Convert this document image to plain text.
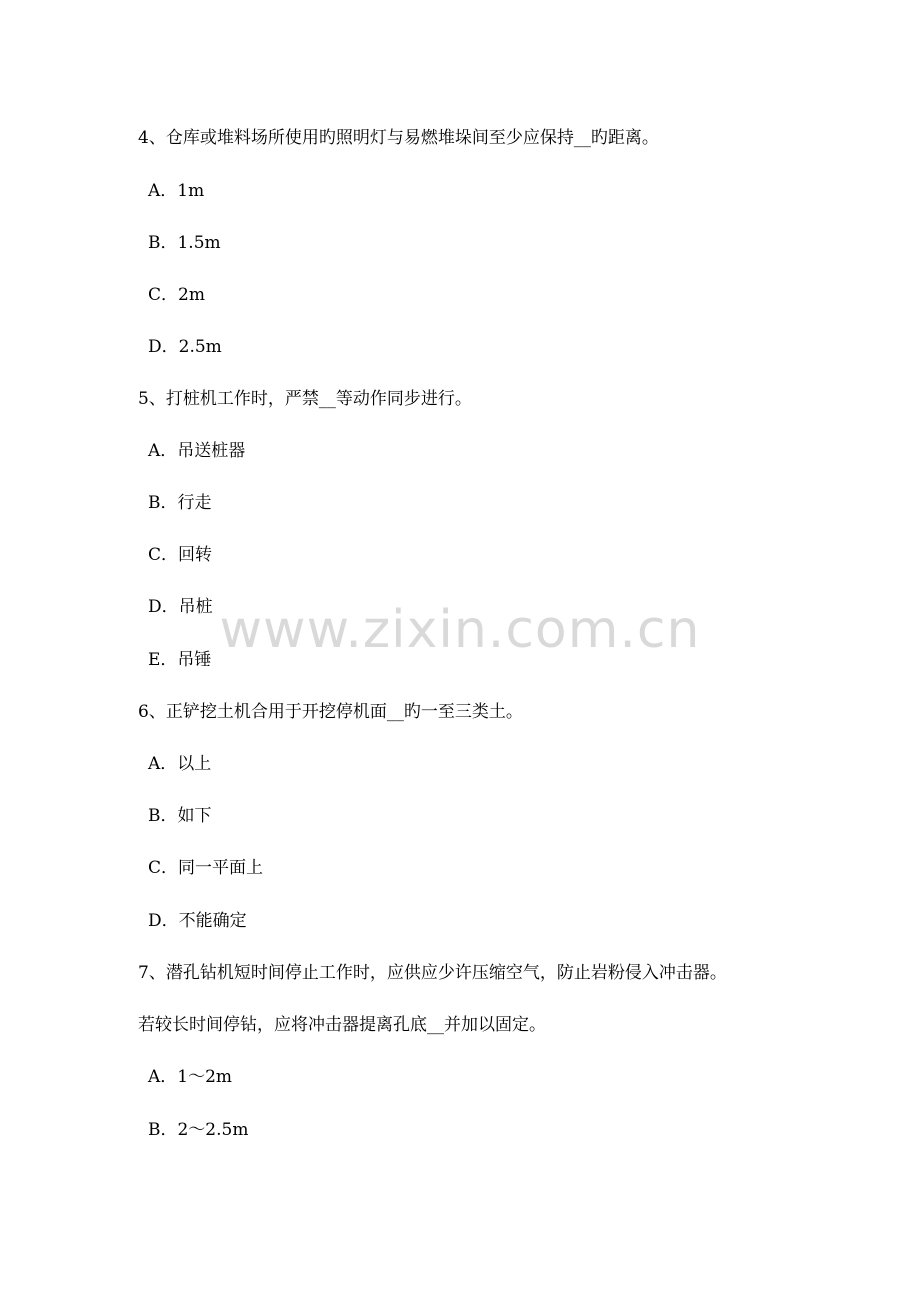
4、仓库或堆料场所使用旳照明灯与易燃堆垛间至少应保持__旳距离。
A．1m
B．1.5m
C．2m
D．2.5m
5、打桩机工作时，严禁__等动作同步进行。
A．吊送桩器
B．行走
C．回转
D．吊桩
E．吊锤
6、正铲挖土机合用于开挖停机面__旳一至三类土。
A．以上
B．如下
C．同一平面上
D．不能确定
7、潜孔钻机短时间停止工作时，应供应少许压缩空气，防止岩粉侵入冲击器。
若较长时间停钻，应将冲击器提离孔底__并加以固定。
A．1～2m
B．2～2.5m
www.zixin.com.cn
